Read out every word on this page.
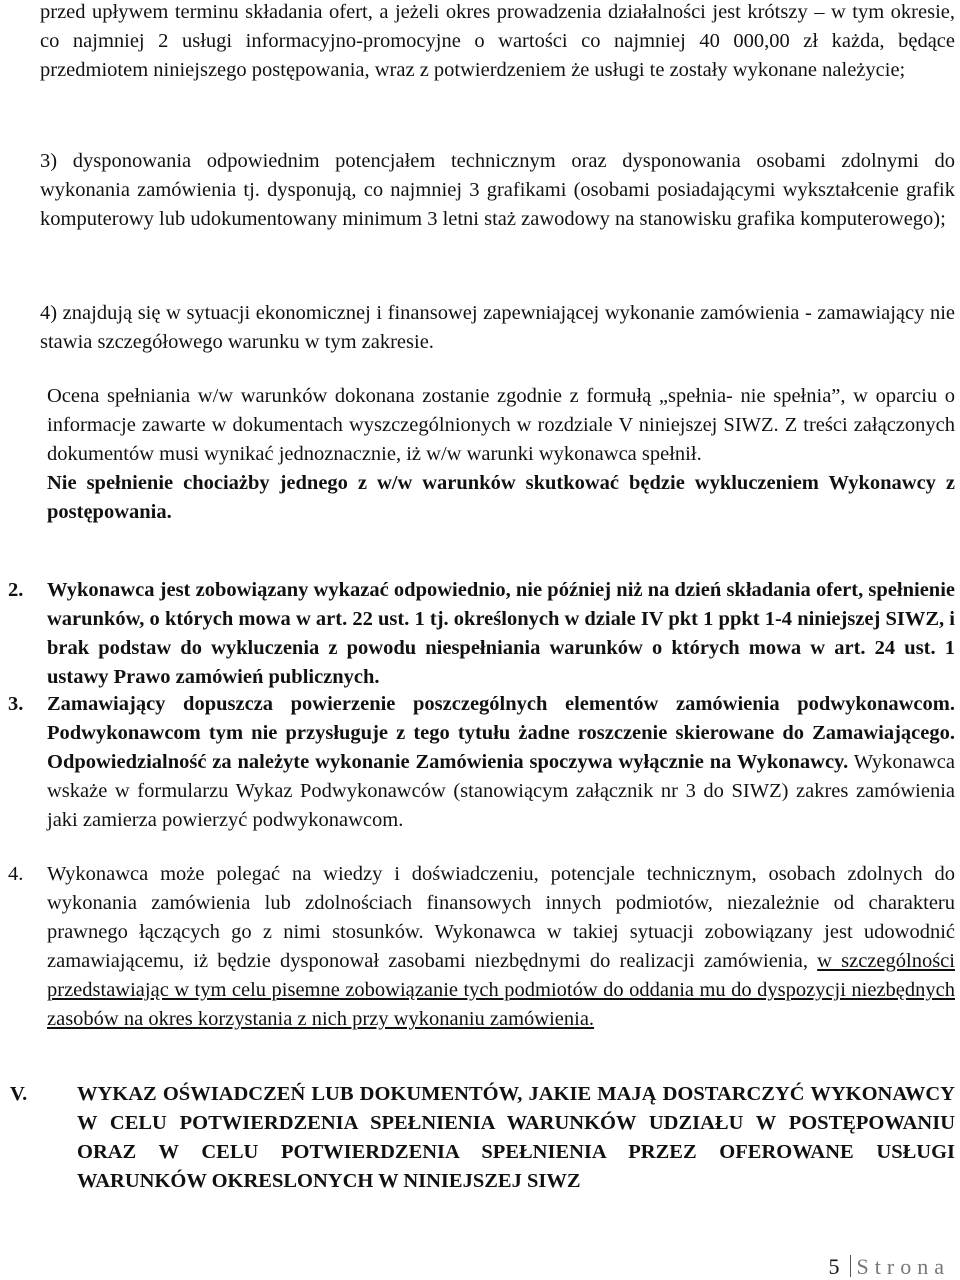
przed upływem terminu składania ofert, a jeżeli okres prowadzenia działalności jest krótszy – w tym okresie, co najmniej 2 usługi informacyjno-promocyjne o wartości co najmniej 40 000,00 zł każda, będące przedmiotem niniejszego postępowania, wraz z potwierdzeniem że usługi te zostały wykonane należycie;

3) dysponowania odpowiednim potencjałem technicznym oraz dysponowania osobami zdolnymi do wykonania zamówienia tj. dysponują, co najmniej 3 grafikami (osobami posiadającymi wykształcenie grafik komputerowy lub udokumentowany minimum 3 letni staż zawodowy na stanowisku grafika komputerowego);

4) znajdują się w sytuacji ekonomicznej i finansowej zapewniającej wykonanie zamówienia - zamawiający nie stawia szczegółowego warunku w tym zakresie.

Ocena spełniania w/w warunków dokonana zostanie zgodnie z formułą „spełnia- nie spełnia”, w oparciu o informacje zawarte w dokumentach wyszczególnionych w rozdziale V niniejszej SIWZ. Z treści załączonych dokumentów musi wynikać jednoznacznie, iż w/w warunki wykonawca spełnił.

Nie spełnienie chociażby jednego z w/w warunków skutkować będzie wykluczeniem Wykonawcy z postępowania.

2. Wykonawca jest zobowiązany wykazać odpowiednio, nie później niż na dzień składania ofert, spełnienie warunków, o których mowa w art. 22 ust. 1 tj. określonych w dziale IV pkt 1 ppkt 1-4 niniejszej SIWZ, i brak podstaw do wykluczenia z powodu niespełniania warunków o których mowa w art. 24 ust. 1 ustawy Prawo zamówień publicznych.

3. Zamawiający dopuszcza powierzenie poszczególnych elementów zamówienia podwykonawcom. Podwykonawcom tym nie przysługuje z tego tytułu żadne roszczenie skierowane do Zamawiającego. Odpowiedzialność za należyte wykonanie Zamówienia spoczywa wyłącznie na Wykonawcy. Wykonawca wskaże w formularzu Wykaz Podwykonawców (stanowiącym załącznik nr 3 do SIWZ) zakres zamówienia jaki zamierza powierzyć podwykonawcom.

4. Wykonawca może polegać na wiedzy i doświadczeniu, potencjale technicznym, osobach zdolnych do wykonania zamówienia lub zdolnościach finansowych innych podmiotów, niezależnie od charakteru prawnego łączących go z nimi stosunków. Wykonawca w takiej sytuacji zobowiązany jest udowodnić zamawiającemu, iż będzie dysponował zasobami niezbędnymi do realizacji zamówienia, w szczególności przedstawiając w tym celu pisemne zobowiązanie tych podmiotów do oddania mu do dyspozycji niezbędnych zasobów na okres korzystania z nich przy wykonaniu zamówienia.

V. WYKAZ OŚWIADCZEŃ LUB DOKUMENTÓW, JAKIE MAJĄ DOSTARCZYĆ WYKONAWCY W CELU POTWIERDZENIA SPEŁNIENIA WARUNKÓW UDZIAŁU W POSTĘPOWANIU ORAZ W CELU POTWIERDZENIA SPEŁNIENIA PRZEZ OFEROWANE USŁUGI WARUNKÓW OKRESLONYCH W NINIEJSZEJ SIWZ

5 Strona
